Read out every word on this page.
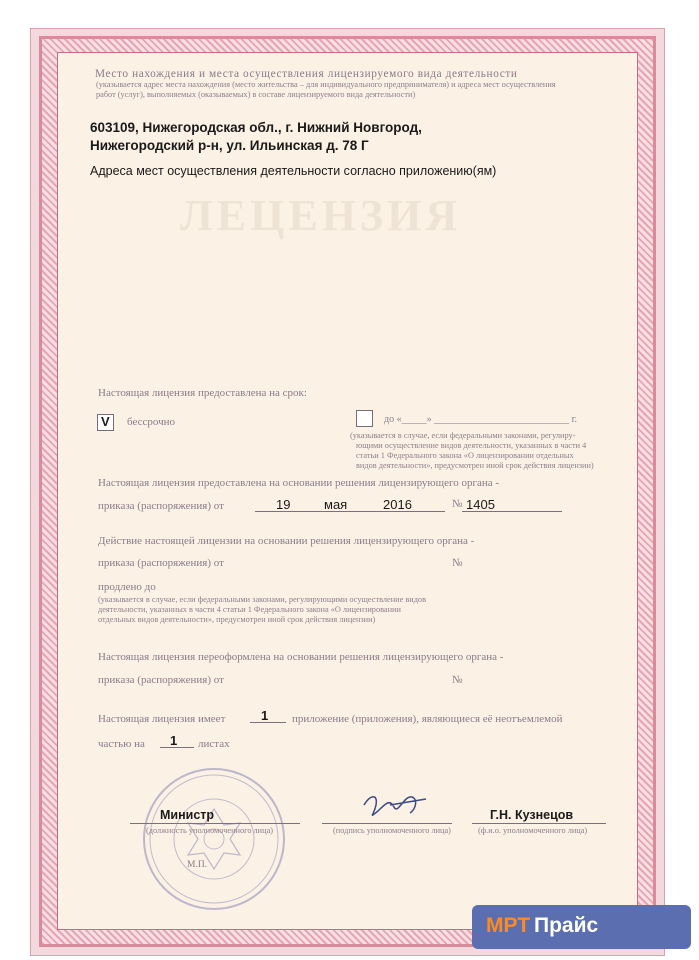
ЛЕЦЕНЗИЯ
Место нахождения и места осуществления лицензируемого вида деятельности
(указывается адрес места нахождения (место жительства – для индивидуального предпринимателя) и адреса мест осуществления
работ (услуг), выполняемых (оказываемых) в составе лицензируемого вида деятельности)
603109, Нижегородская обл., г. Нижний Новгород,
Нижегородский р-н, ул. Ильинская д. 78 Г
Адреса мест осуществления деятельности согласно приложению(ям)
Настоящая лицензия предоставлена на срок:
V бессрочно	до «_____» ___________________________ г.
(указывается в случае, если федеральными законами, регулиру-
ющими осуществление видов деятельности, указанных в части 4
статьи 1 Федерального закона «О лицензировании отдельных
видов деятельности», предусмотрен иной срок действия лицензии)
Настоящая лицензия предоставлена на основании решения лицензирующего органа -
приказа (распоряжения) от	19	мая	2016	№ 1405
Действие настоящей лицензии на основании решения лицензирующего органа -
приказа (распоряжения) от	№
продлено до
(указывается в случае, если федеральными законами, регулирующими осуществление видов
деятельности, указанных в части 4 статьи 1 Федерального закона «О лицензировании
отдельных видов деятельности», предусмотрен иной срок действия лицензии)
Настоящая лицензия переоформлена на основании решения лицензирующего органа -
приказа (распоряжения) от	№
Настоящая лицензия имеет	1 приложение (приложения), являющиеся её неотъемлемой
частью на 1 листах
Министр
(должность уполномоченного лица)	(подпись уполномоченного лица)
Г.Н. Кузнецов
(ф.и.о. уполномоченного лица)
М.П.
МРТ Прайс
